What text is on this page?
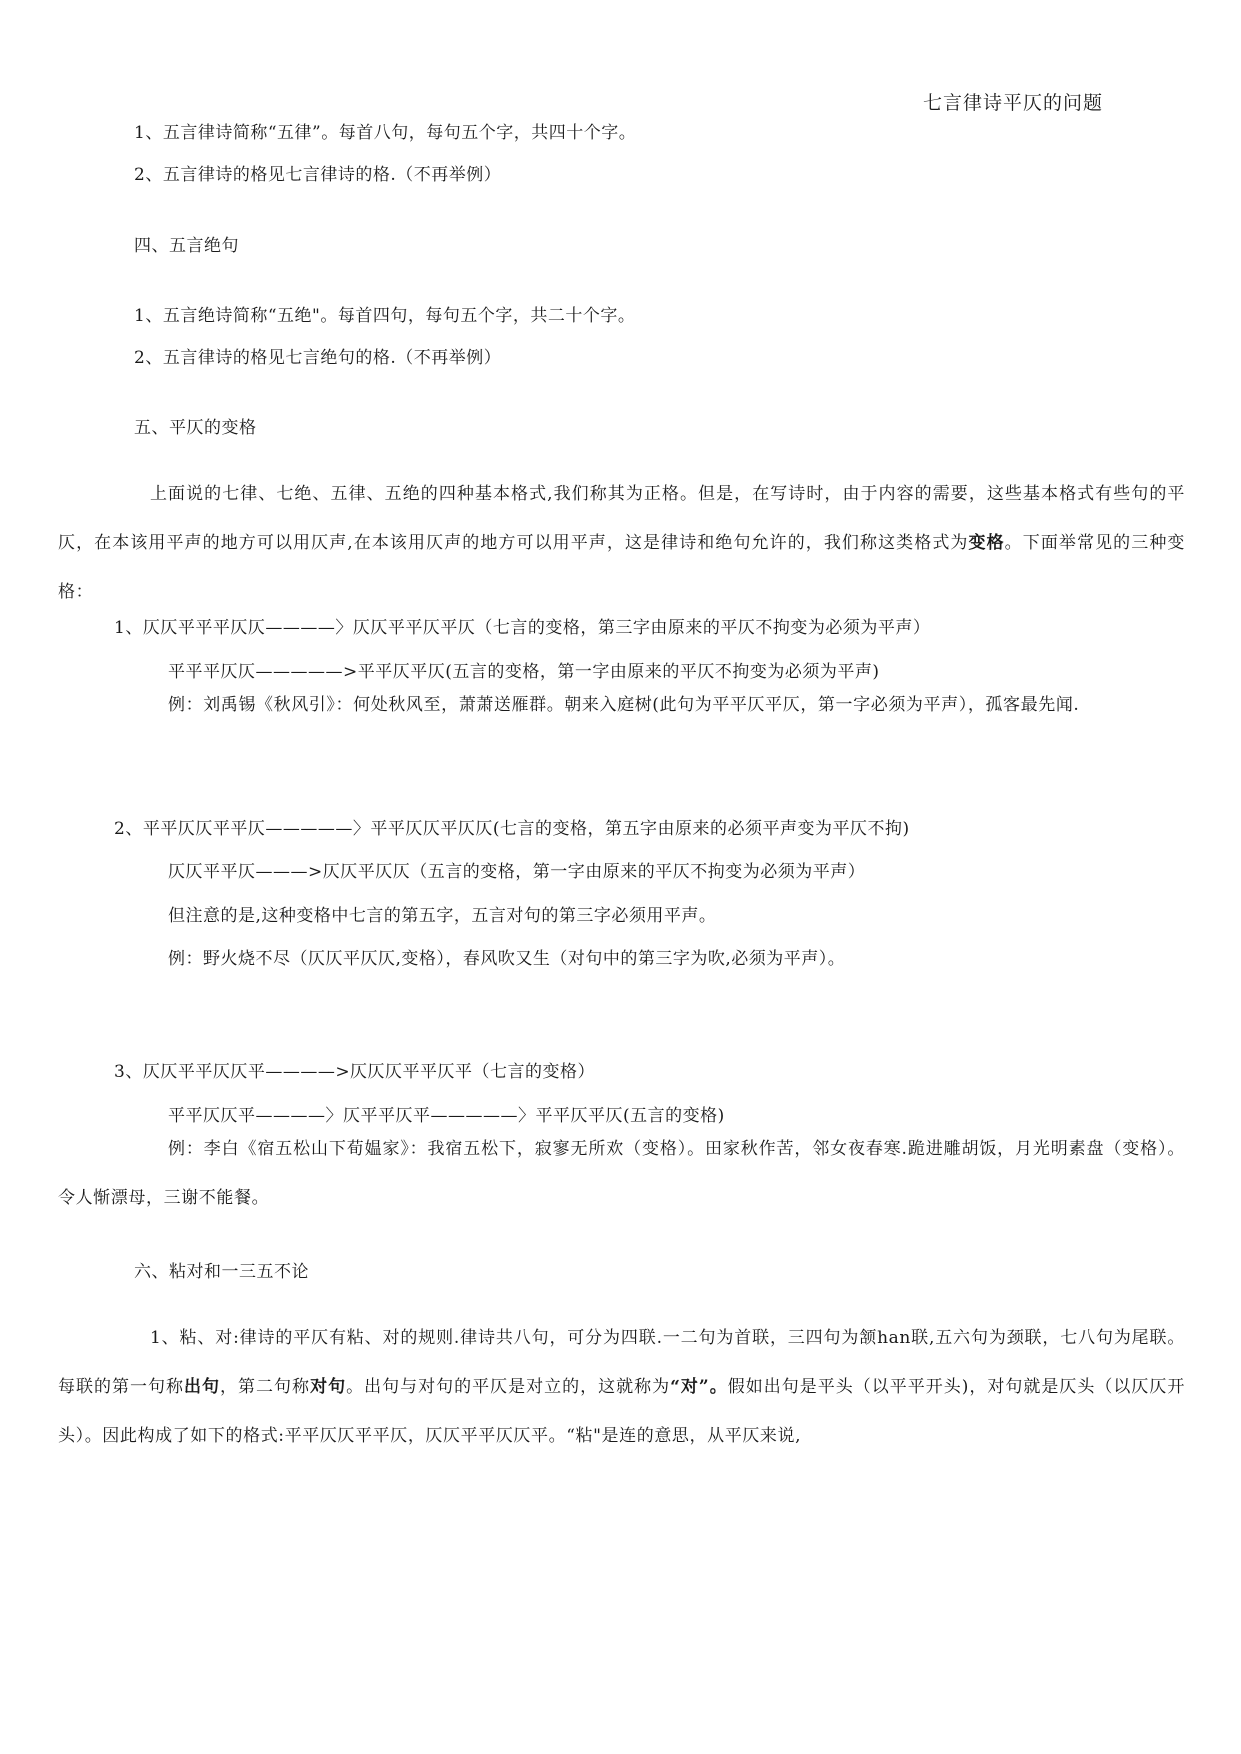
七言律诗平仄的问题
1、五言律诗简称“五律”。每首八句，每句五个字，共四十个字。
2、五言律诗的格见七言律诗的格.（不再举例）
四、五言绝句
1、五言绝诗简称“五绝"。每首四句，每句五个字，共二十个字。
2、五言律诗的格见七言绝句的格.（不再举例）
五、平仄的变格
上面说的七律、七绝、五律、五绝的四种基本格式,我们称其为正格。但是，在写诗时，由于内容的需要，这些基本格式有些句的平仄，在本该用平声的地方可以用仄声,在本该用仄声的地方可以用平声，这是律诗和绝句允许的，我们称这类格式为变格。下面举常见的三种变格：
1、仄仄平平平仄仄————〉仄仄平平仄平仄（七言的变格，第三字由原来的平仄不拘变为必须为平声）
平平平仄仄—————>平平仄平仄(五言的变格，第一字由原来的平仄不拘变为必须为平声)
例：刘禹锡《秋风引》：何处秋风至，萧萧送雁群。朝来入庭树(此句为平平仄平仄，第一字必须为平声），孤客最先闻.
2、平平仄仄平平仄—————〉平平仄仄平仄仄(七言的变格，第五字由原来的必须平声变为平仄不拘)
仄仄平平仄———>仄仄平仄仄（五言的变格，第一字由原来的平仄不拘变为必须为平声）
但注意的是,这种变格中七言的第五字，五言对句的第三字必须用平声。
例：野火烧不尽（仄仄平仄仄,变格），春风吹又生（对句中的第三字为吹,必须为平声）。
3、仄仄平平仄仄平————>仄仄仄平平仄平（七言的变格）
平平仄仄平————〉仄平平仄平—————〉平平仄平仄(五言的变格)
例：李白《宿五松山下荀媪家》：我宿五松下，寂寥无所欢（变格）。田家秋作苦，邻女夜春寒.跪进雕胡饭，月光明素盘（变格）。令人惭漂母，三谢不能餐。
六、粘对和一三五不论
1、粘、对:律诗的平仄有粘、对的规则.律诗共八句，可分为四联.一二句为首联，三四句为颔han联,五六句为颈联，七八句为尾联。每联的第一句称出句，第二句称对句。出句与对句的平仄是对立的，这就称为“对”。假如出句是平头（以平平开头)，对句就是仄头（以仄仄开头）。因此构成了如下的格式:平平仄仄平平仄，仄仄平平仄仄平。“粘"是连的意思，从平仄来说,
